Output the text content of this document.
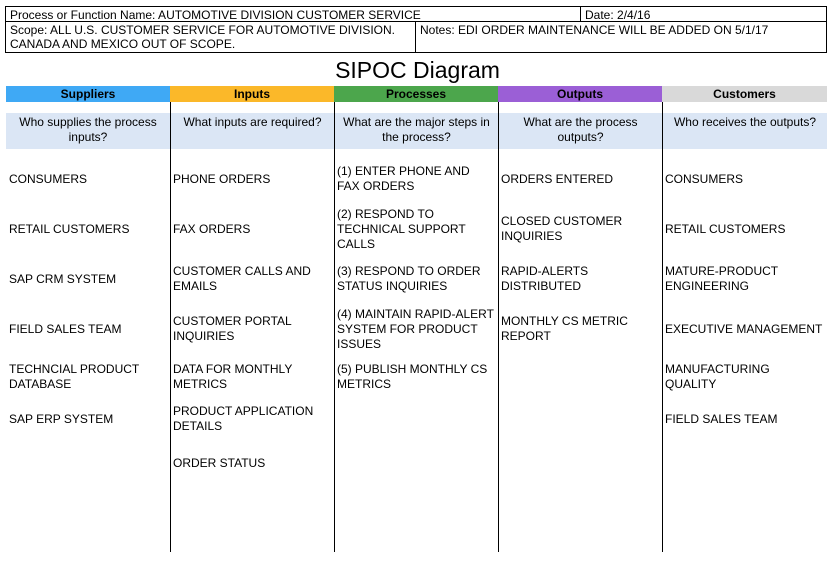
Process or Function Name: AUTOMOTIVE DIVISION CUSTOMER SERVICE	Date: 2/4/16
Scope: ALL U.S. CUSTOMER SERVICE FOR AUTOMOTIVE DIVISION.
CANADA AND MEXICO OUT OF SCOPE.
Notes: EDI ORDER MAINTENANCE WILL BE ADDED ON 5/1/17
SIPOC Diagram
Suppliers
Who supplies the process
inputs?
CONSUMERS
RETAIL CUSTOMERS
SAP CRM SYSTEM
FIELD SALES TEAM
TECHNCIAL PRODUCT
DATABASE
SAP ERP SYSTEM
Inputs
What inputs are required?
PHONE ORDERS
FAX ORDERS
CUSTOMER CALLS AND
EMAILS
CUSTOMER PORTAL
INQUIRIES
DATA FOR MONTHLY
METRICS
PRODUCT APPLICATION
DETAILS
ORDER STATUS
Processes
What are the major steps in
the process?
(1) ENTER PHONE AND
FAX ORDERS
(2) RESPOND TO
TECHNICAL SUPPORT
CALLS
(3) RESPOND TO ORDER
STATUS INQUIRIES
(4) MAINTAIN RAPID-ALERT
SYSTEM FOR PRODUCT
ISSUES
(5) PUBLISH MONTHLY CS
METRICS
Outputs
What are the process
outputs?
ORDERS ENTERED
CLOSED CUSTOMER
INQUIRIES
RAPID-ALERTS
DISTRIBUTED
MONTHLY CS METRIC
REPORT
Customers
Who receives the outputs?
CONSUMERS
RETAIL CUSTOMERS
MATURE-PRODUCT
ENGINEERING
EXECUTIVE MANAGEMENT
MANUFACTURING
QUALITY
FIELD SALES TEAM
